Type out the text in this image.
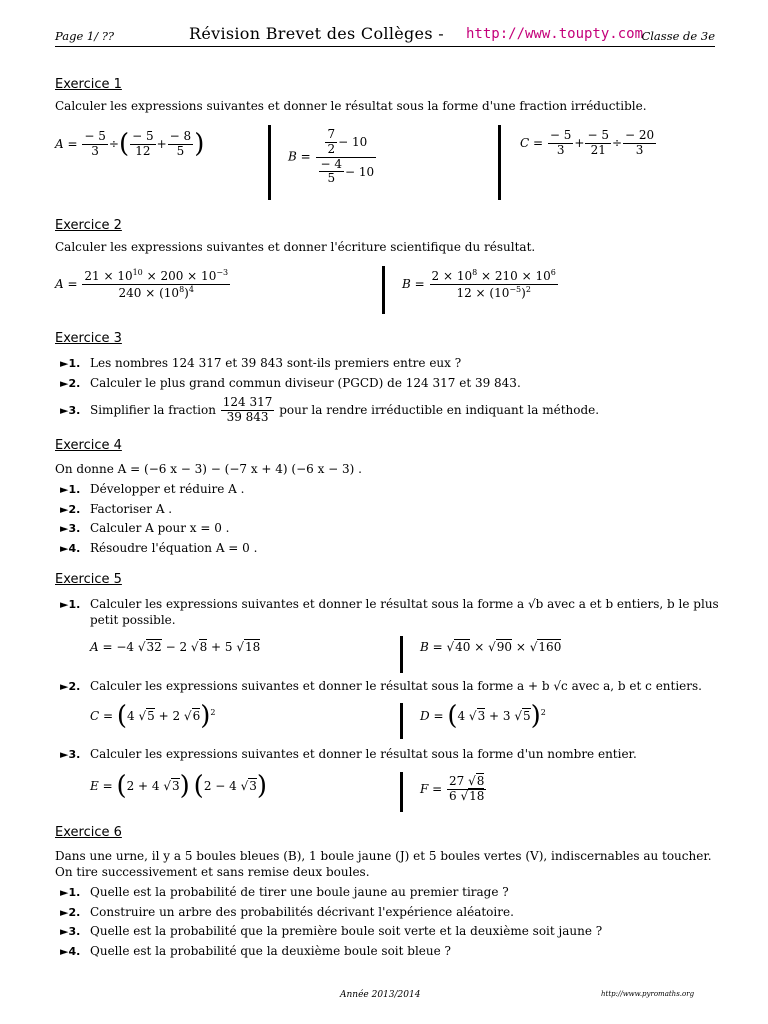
Page 1/ ??	Révision Brevet des Collèges - http://www.toupty.com
Classe de 3e
Exercice 1
Calculer les expressions suivantes et donner le résultat sous la forme d'une fraction irréductible.
$A = \frac{- 5}{3}$ ÷( $\frac{- 5}{12} + \frac{- 8}{5}$ )	$B = \frac{\frac{7}{2} - 10}{\frac{- 4}{5} - 10}$	$C = \frac{- 5}{3} + \frac{- 5}{21} \div \frac{- 20}{3}$
Exercice 2
Calculer les expressions suivantes et donner l'écriture scientifique du résultat.
$A = \frac{21 \times 10^{10} \times 200 \times 10^{-3}}{240 \times (10^8)^4}$	$B = \frac{2 \times 10^8 \times 210 \times 10^6}{12 \times (10^{-5})^2}$
Exercice 3
►1. Les nombres 124 317 et 39 843 sont-ils premiers entre eux ?
►2. Calculer le plus grand commun diviseur (PGCD) de 124 317 et 39 843.
►3. Simplifier la fraction $\frac{124 317}{39 843}$ pour la rendre irréductible en indiquant la méthode.
Exercice 4
On donne A = (−6 x − 3) − (−7 x + 4) (−6 x − 3) .
►1. Développer et réduire A .
►2. Factoriser A .
►3. Calculer A pour x = 0 .
►4. Résoudre l'équation A = 0 .
Exercice 5
►1. Calculer les expressions suivantes et donner le résultat sous la forme a √b avec a et b entiers, b le plus
petit possible.
A = −4 √32 − 2 √8 + 5 √18	B = √40 × √90 × √160
►2. Calculer les expressions suivantes et donner le résultat sous la forme a + b √c avec a, b et c entiers.
C = (4 √5 + 2 √6)$^2$	D = (4 √3 + 3 √5)$^2$
►3. Calculer les expressions suivantes et donner le résultat sous la forme d'un nombre entier.
E = (2 + 4 √3) (2 − 4 √3)	$F = \frac{27 √8}{6 √18}$
Exercice 6
Dans une urne, il y a 5 boules bleues (B), 1 boule jaune (J) et 5 boules vertes (V), indiscernables au toucher.
On tire successivement et sans remise deux boules.
►1. Quelle est la probabilité de tirer une boule jaune au premier tirage ?
►2. Construire un arbre des probabilités décrivant l'expérience aléatoire.
►3. Quelle est la probabilité que la première boule soit verte et la deuxième soit jaune ?
►4. Quelle est la probabilité que la deuxième boule soit bleue ?
Année 2013/2014	http://www.pyromaths.org
